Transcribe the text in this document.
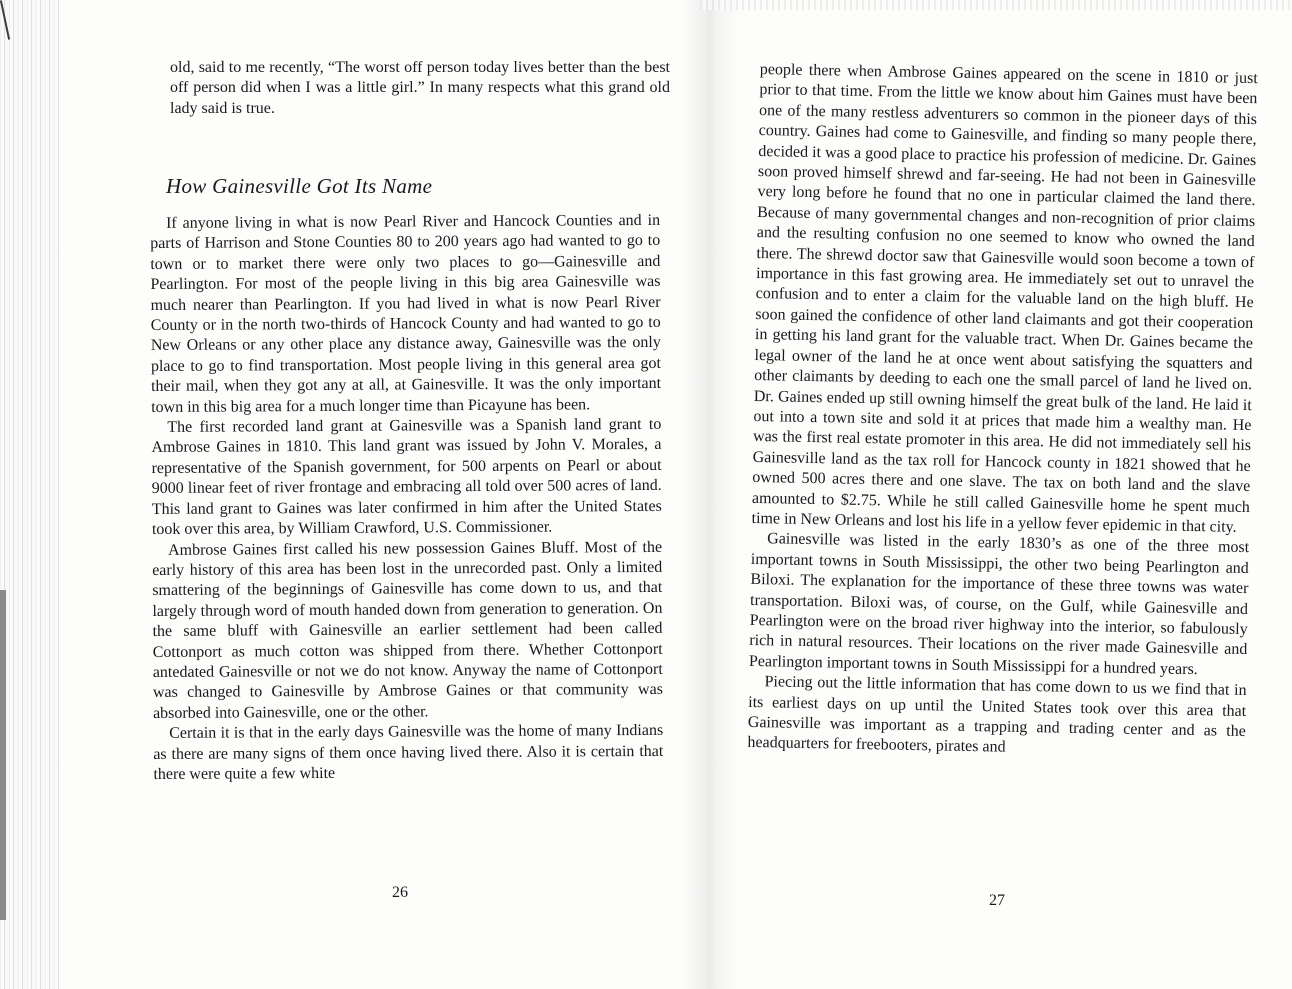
old, said to me recently, “The worst off person today lives better than the best off person did when I was a little girl.” In many respects what this grand old lady said is true.

How Gainesville Got Its Name

If anyone living in what is now Pearl River and Hancock Counties and in parts of Harrison and Stone Counties 80 to 200 years ago had wanted to go to town or to market there were only two places to go—Gainesville and Pearlington. For most of the people living in this big area Gainesville was much nearer than Pearlington. If you had lived in what is now Pearl River County or in the north two-thirds of Hancock County and had wanted to go to New Orleans or any other place any distance away, Gainesville was the only place to go to find transportation. Most people living in this general area got their mail, when they got any at all, at Gainesville. It was the only important town in this big area for a much longer time than Picayune has been.

The first recorded land grant at Gainesville was a Spanish land grant to Ambrose Gaines in 1810. This land grant was issued by John V. Morales, a representative of the Spanish government, for 500 arpents on Pearl or about 9000 linear feet of river frontage and embracing all told over 500 acres of land. This land grant to Gaines was later confirmed in him after the United States took over this area, by William Crawford, U.S. Commissioner.

Ambrose Gaines first called his new possession Gaines Bluff. Most of the early history of this area has been lost in the unrecorded past. Only a limited smattering of the beginnings of Gainesville has come down to us, and that largely through word of mouth handed down from generation to generation. On the same bluff with Gainesville an earlier settlement had been called Cottonport as much cotton was shipped from there. Whether Cottonport antedated Gainesville or not we do not know. Anyway the name of Cottonport was changed to Gainesville by Ambrose Gaines or that community was absorbed into Gainesville, one or the other.

Certain it is that in the early days Gainesville was the home of many Indians as there are many signs of them once having lived there. Also it is certain that there were quite a few white

26

people there when Ambrose Gaines appeared on the scene in 1810 or just prior to that time. From the little we know about him Gaines must have been one of the many restless adventurers so common in the pioneer days of this country. Gaines had come to Gainesville, and finding so many people there, decided it was a good place to practice his profession of medicine. Dr. Gaines soon proved himself shrewd and far-seeing. He had not been in Gainesville very long before he found that no one in particular claimed the land there. Because of many governmental changes and non-recognition of prior claims and the resulting confusion no one seemed to know who owned the land there. The shrewd doctor saw that Gainesville would soon become a town of importance in this fast growing area. He immediately set out to unravel the confusion and to enter a claim for the valuable land on the high bluff. He soon gained the confidence of other land claimants and got their cooperation in getting his land grant for the valuable tract. When Dr. Gaines became the legal owner of the land he at once went about satisfying the squatters and other claimants by deeding to each one the small parcel of land he lived on. Dr. Gaines ended up still owning himself the great bulk of the land. He laid it out into a town site and sold it at prices that made him a wealthy man. He was the first real estate promoter in this area. He did not immediately sell his Gainesville land as the tax roll for Hancock county in 1821 showed that he owned 500 acres there and one slave. The tax on both land and the slave amounted to $2.75. While he still called Gainesville home he spent much time in New Orleans and lost his life in a yellow fever epidemic in that city.

Gainesville was listed in the early 1830’s as one of the three most important towns in South Mississippi, the other two being Pearlington and Biloxi. The explanation for the importance of these three towns was water transportation. Biloxi was, of course, on the Gulf, while Gainesville and Pearlington were on the broad river highway into the interior, so fabulously rich in natural resources. Their locations on the river made Gainesville and Pearlington important towns in South Mississippi for a hundred years.

Piecing out the little information that has come down to us we find that in its earliest days on up until the United States took over this area that Gainesville was important as a trapping and trading center and as the headquarters for freebooters, pirates and

27
